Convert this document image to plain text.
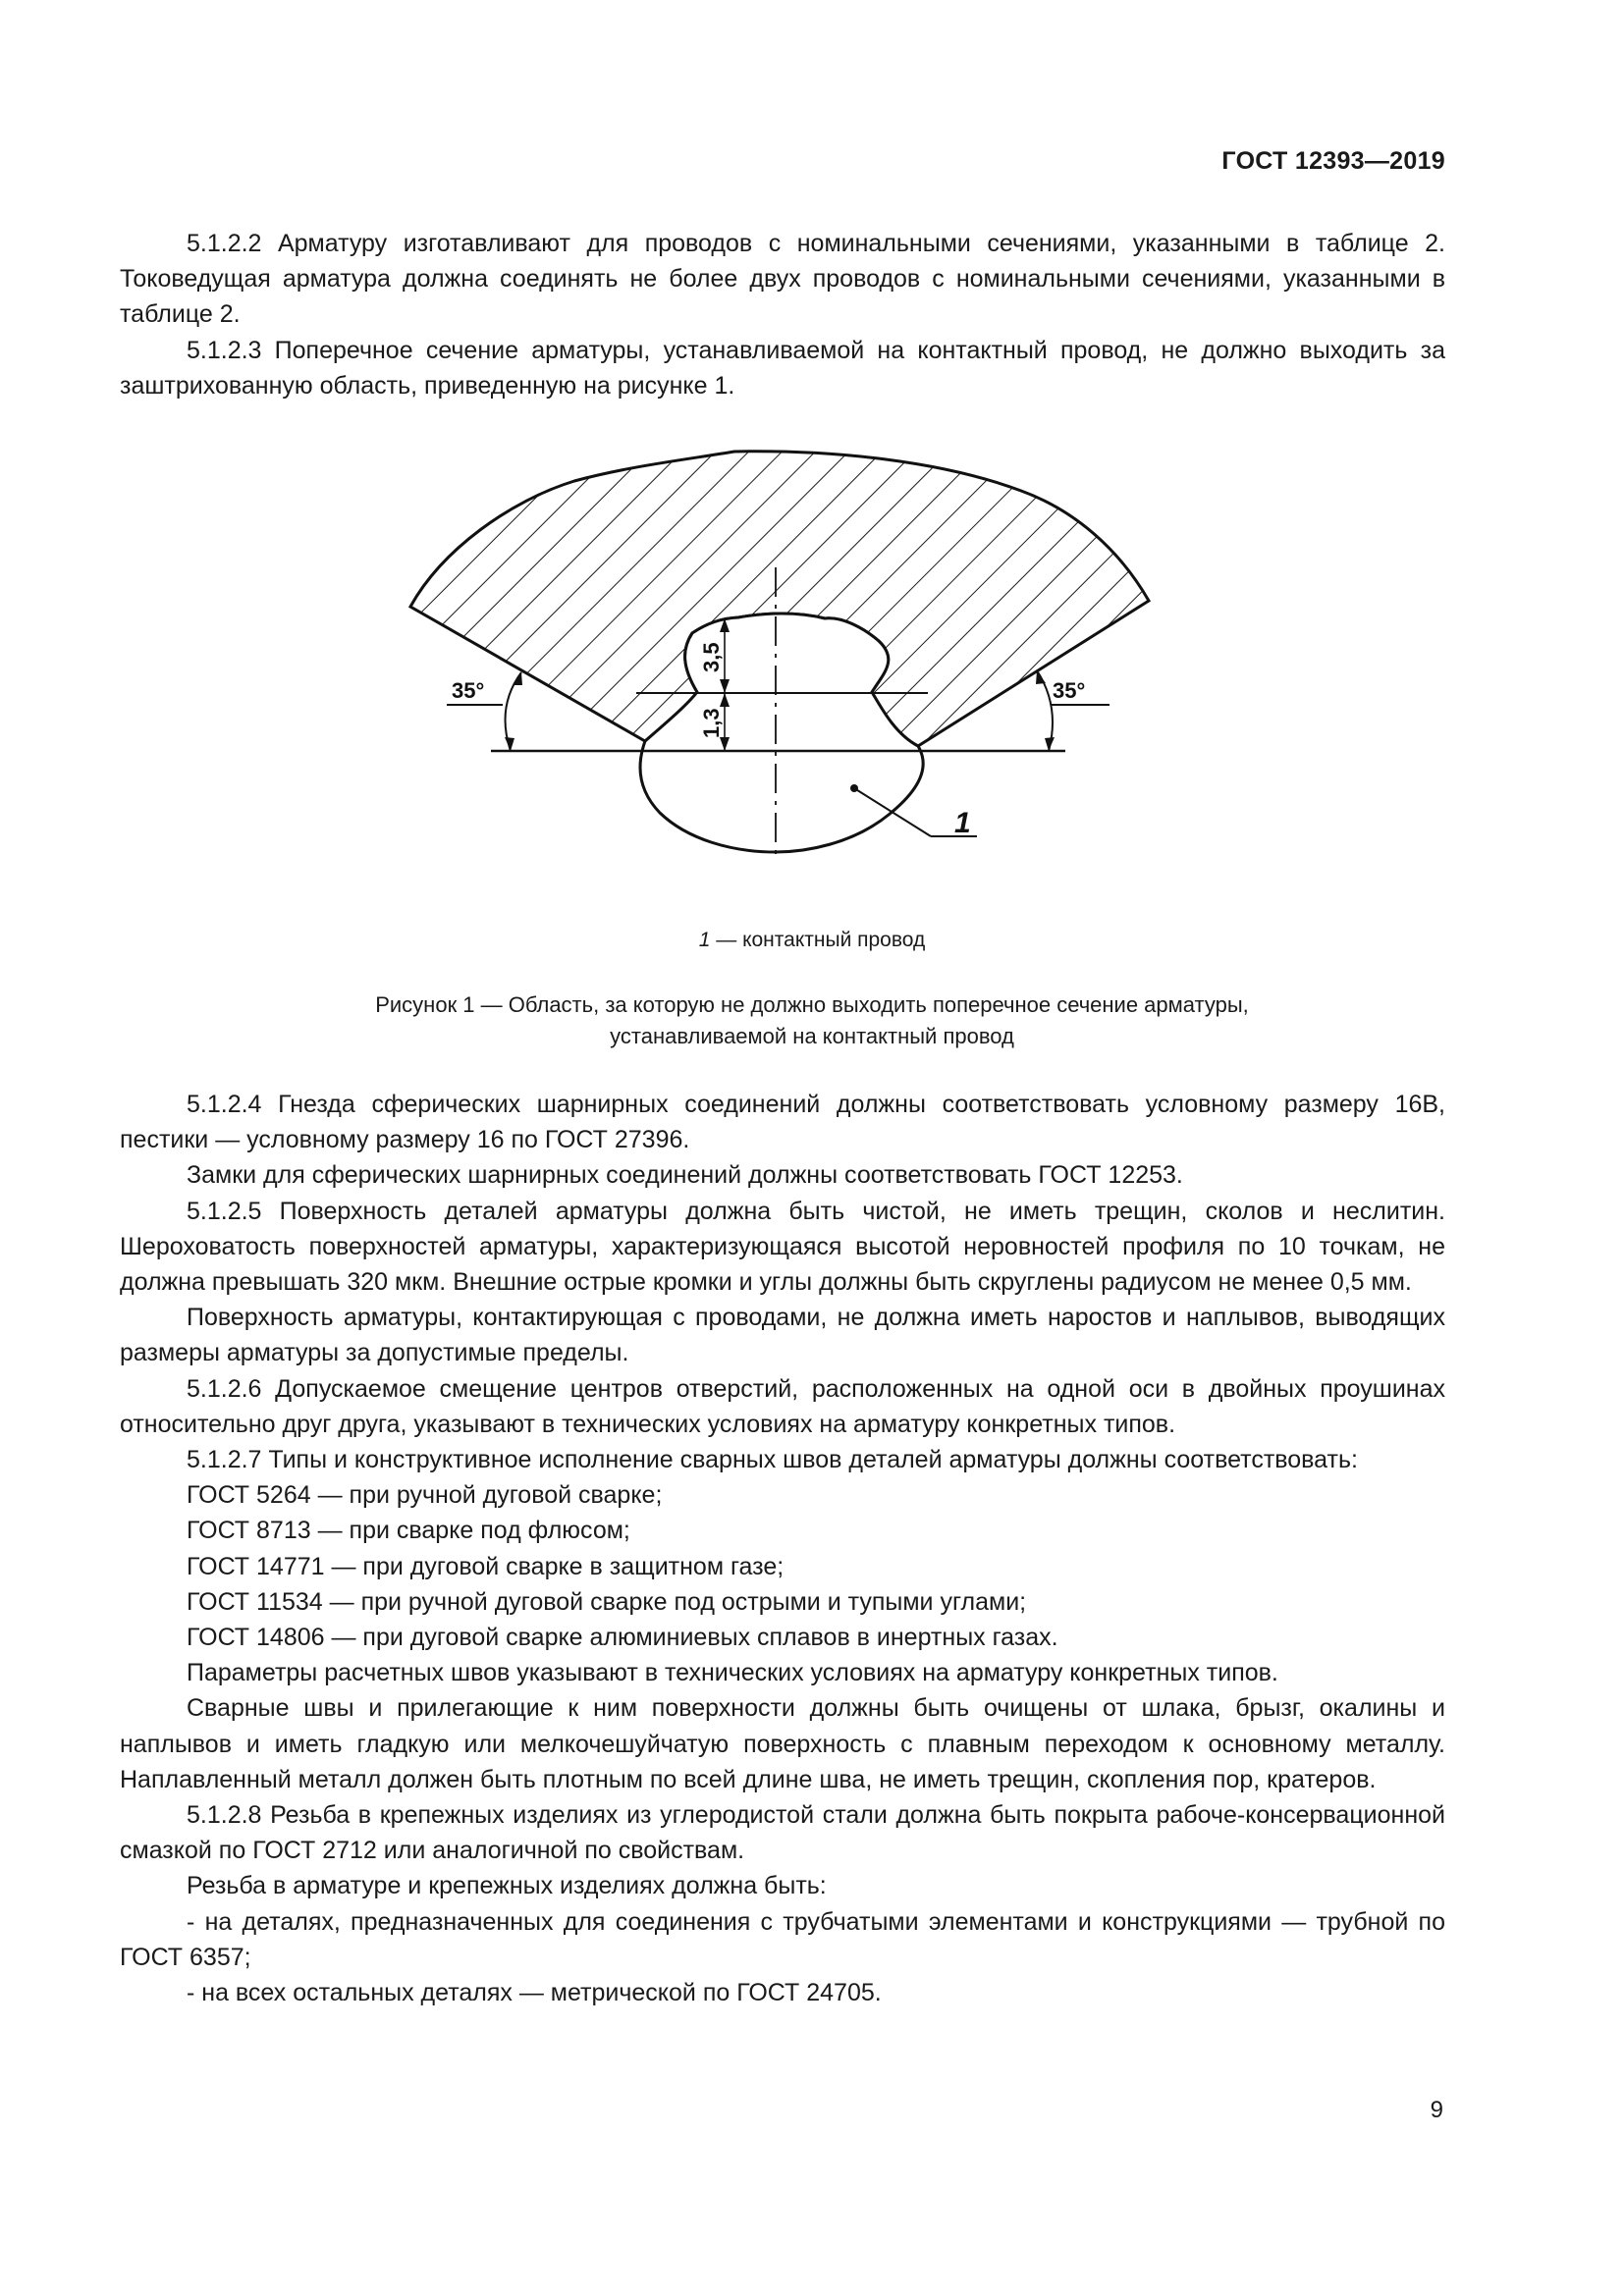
ГОСТ 12393—2019

5.1.2.2 Арматуру изготавливают для проводов с номинальными сечениями, указанными в таблице 2. Токоведущая арматура должна соединять не более двух проводов с номинальными сечениями, указанными в таблице 2.

5.1.2.3 Поперечное сечение арматуры, устанавливаемой на контактный провод, не должно выходить за заштрихованную область, приведенную на рисунке 1.

3,5
1,3
35°	35°
1
1 — контактный провод
Рисунок 1 — Область, за которую не должно выходить поперечное сечение арматуры,
устанавливаемой на контактный провод

5.1.2.4 Гнезда сферических шарнирных соединений должны соответствовать условному размеру 16В, пестики — условному размеру 16 по ГОСТ 27396.

Замки для сферических шарнирных соединений должны соответствовать ГОСТ 12253.

5.1.2.5 Поверхность деталей арматуры должна быть чистой, не иметь трещин, сколов и неслитин. Шероховатость поверхностей арматуры, характеризующаяся высотой неровностей профиля по 10 точкам, не должна превышать 320 мкм. Внешние острые кромки и углы должны быть скруглены радиусом не менее 0,5 мм.

Поверхность арматуры, контактирующая с проводами, не должна иметь наростов и наплывов, выводящих размеры арматуры за допустимые пределы.

5.1.2.6 Допускаемое смещение центров отверстий, расположенных на одной оси в двойных проушинах относительно друг друга, указывают в технических условиях на арматуру конкретных типов.

5.1.2.7 Типы и конструктивное исполнение сварных швов деталей арматуры должны соответствовать:

ГОСТ 5264 — при ручной дуговой сварке;

ГОСТ 8713 — при сварке под флюсом;

ГОСТ 14771 — при дуговой сварке в защитном газе;

ГОСТ 11534 — при ручной дуговой сварке под острыми и тупыми углами;

ГОСТ 14806 — при дуговой сварке алюминиевых сплавов в инертных газах.

Параметры расчетных швов указывают в технических условиях на арматуру конкретных типов.

Сварные швы и прилегающие к ним поверхности должны быть очищены от шлака, брызг, окалины и наплывов и иметь гладкую или мелкочешуйчатую поверхность с плавным переходом к основному металлу. Наплавленный металл должен быть плотным по всей длине шва, не иметь трещин, скопления пор, кратеров.

5.1.2.8 Резьба в крепежных изделиях из углеродистой стали должна быть покрыта рабоче-консервационной смазкой по ГОСТ 2712 или аналогичной по свойствам.

Резьба в арматуре и крепежных изделиях должна быть:

- на деталях, предназначенных для соединения с трубчатыми элементами и конструкциями — трубной по ГОСТ 6357;

- на всех остальных деталях — метрической по ГОСТ 24705.

9
